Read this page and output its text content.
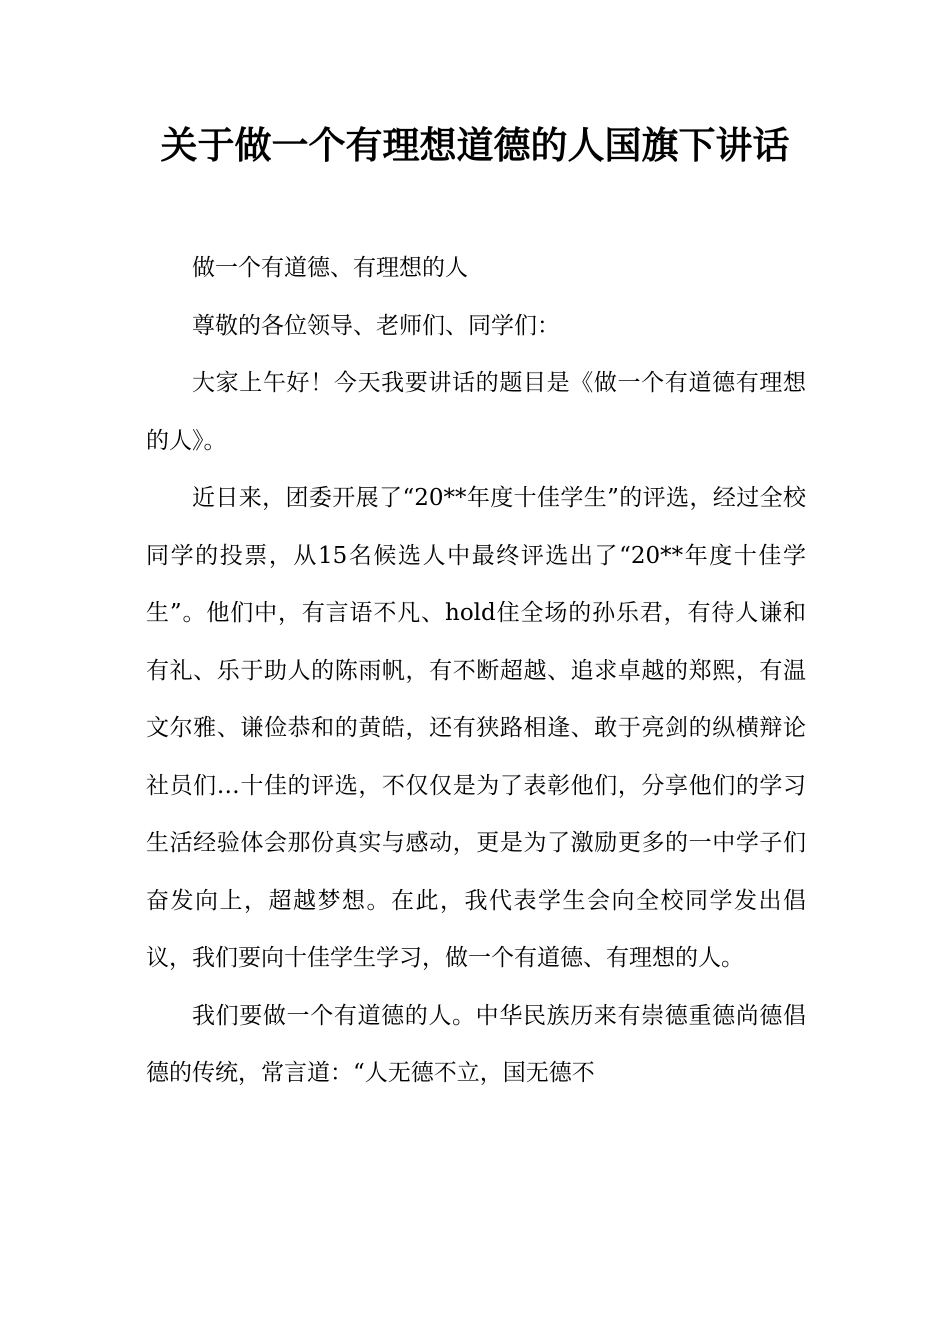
关于做一个有理想道德的人国旗下讲话

做一个有道德、有理想的人

尊敬的各位领导、老师们、同学们：

大家上午好！今天我要讲话的题目是《做一个有道德有理想的人》。

近日来，团委开展了“20**年度十佳学生”的评选，经过全校同学的投票，从15名候选人中最终评选出了“20**年度十佳学生”。他们中，有言语不凡、hold住全场的孙乐君，有待人谦和有礼、乐于助人的陈雨帆，有不断超越、追求卓越的郑熙，有温文尔雅、谦俭恭和的黄皓，还有狭路相逢、敢于亮剑的纵横辩论社员们…十佳的评选，不仅仅是为了表彰他们，分享他们的学习生活经验体会那份真实与感动，更是为了激励更多的一中学子们奋发向上，超越梦想。在此，我代表学生会向全校同学发出倡议，我们要向十佳学生学习，做一个有道德、有理想的人。

我们要做一个有道德的人。中华民族历来有崇德重德尚德倡德的传统，常言道：“人无德不立，国无德不
